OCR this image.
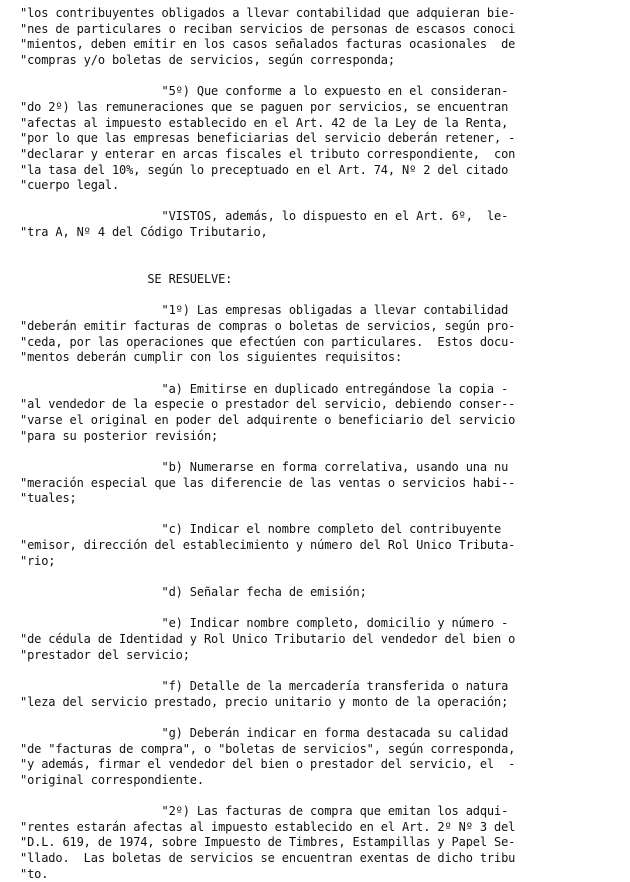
"los contribuyentes obligados a llevar contabilidad que adquieran bie-
"nes de particulares o reciban servicios de personas de escasos conoci
"mientos, deben emitir en los casos señalados facturas ocasionales  de
"compras y/o boletas de servicios, según corresponda;
"5º) Que conforme a lo expuesto en el consideran-
"do 2º) las remuneraciones que se paguen por servicios, se encuentran
"afectas al impuesto establecido en el Art. 42 de la Ley de la Renta,
"por lo que las empresas beneficiarias del servicio deberán retener, -
"declarar y enterar en arcas fiscales el tributo correspondiente,  con
"la tasa del 10%, según lo preceptuado en el Art. 74, Nº 2 del citado
"cuerpo legal.
"VISTOS, además, lo dispuesto en el Art. 6º,  le-
"tra A, Nº 4 del Código Tributario,
SE RESUELVE:
"1º) Las empresas obligadas a llevar contabilidad
"deberán emitir facturas de compras o boletas de servicios, según pro-
"ceda, por las operaciones que efectúen con particulares.  Estos docu-
"mentos deberán cumplir con los siguientes requisitos:
"a) Emitirse en duplicado entregándose la copia -
"al vendedor de la especie o prestador del servicio, debiendo conser--
"varse el original en poder del adquirente o beneficiario del servicio
"para su posterior revisión;
"b) Numerarse en forma correlativa, usando una nu
"meración especial que las diferencie de las ventas o servicios habi--
"tuales;
"c) Indicar el nombre completo del contribuyente
"emisor, dirección del establecimiento y número del Rol Unico Tributa-
"rio;
"d) Señalar fecha de emisión;
"e) Indicar nombre completo, domicilio y número -
"de cédula de Identidad y Rol Unico Tributario del vendedor del bien o
"prestador del servicio;
"f) Detalle de la mercadería transferida o natura
"leza del servicio prestado, precio unitario y monto de la operación;
"g) Deberán indicar en forma destacada su calidad
"de "facturas de compra", o "boletas de servicios", según corresponda,
"y además, firmar el vendedor del bien o prestador del servicio, el  -
"original correspondiente.
"2º) Las facturas de compra que emitan los adqui-
"rentes estarán afectas al impuesto establecido en el Art. 2º Nº 3 del
"D.L. 619, de 1974, sobre Impuesto de Timbres, Estampillas y Papel Se-
"llado.  Las boletas de servicios se encuentran exentas de dicho tribu
"to.
